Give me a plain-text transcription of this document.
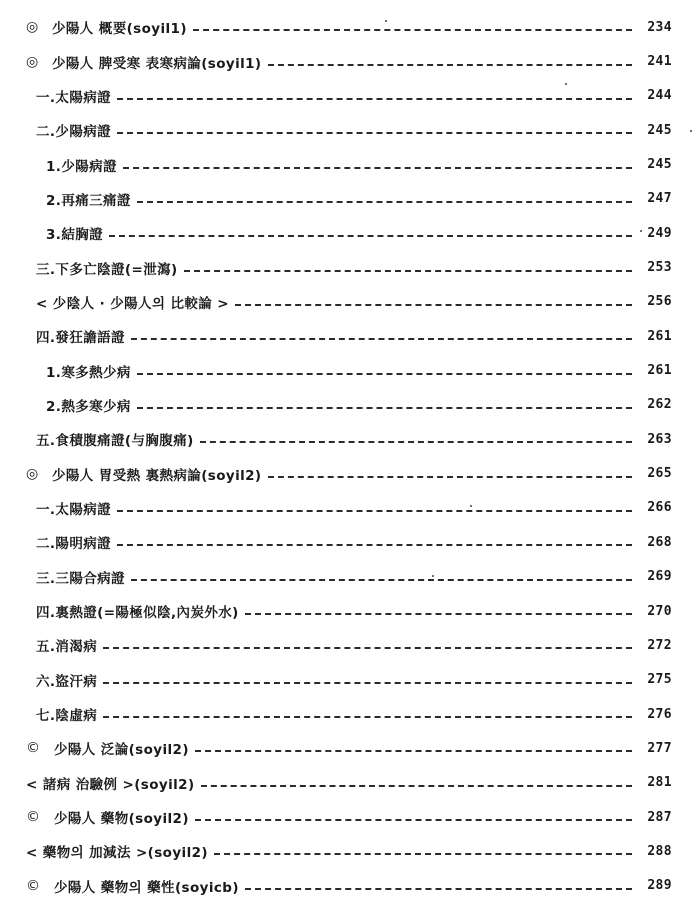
◎ 少陽人 概要(soyil1)	234
◎ 少陽人 脾受寒 表寒病論(soyil1)	241
一.太陽病證	244
二.少陽病證	245
1.少陽病證	245
2.再痛三痛證	247
3.結胸證	249
三.下多亡陰證(=泄瀉)	253
< 少陰人 · 少陽人의 比較論 >	256
四.發狂譫語證	261
1.寒多熱少病	261
2.熱多寒少病	262
五.食積腹痛證(与胸腹痛)	263
◎ 少陽人 胃受熱 裏熱病論(soyil2)	265
一.太陽病證	266
二.陽明病證	268
三.三陽合病證	269
四.裏熱證(=陽極似陰,內炭外水)	270
五.消渴病	272
六.盜汗病	275
七.陰虛病	276
©	少陽人 泛論(soyil2)	277
< 諸病 治驗例 >(soyil2)	281
©	少陽人 藥物(soyil2)	287
< 藥物의 加減法 >(soyil2)	288
©	少陽人 藥物의 藥性(soyicb)	289
